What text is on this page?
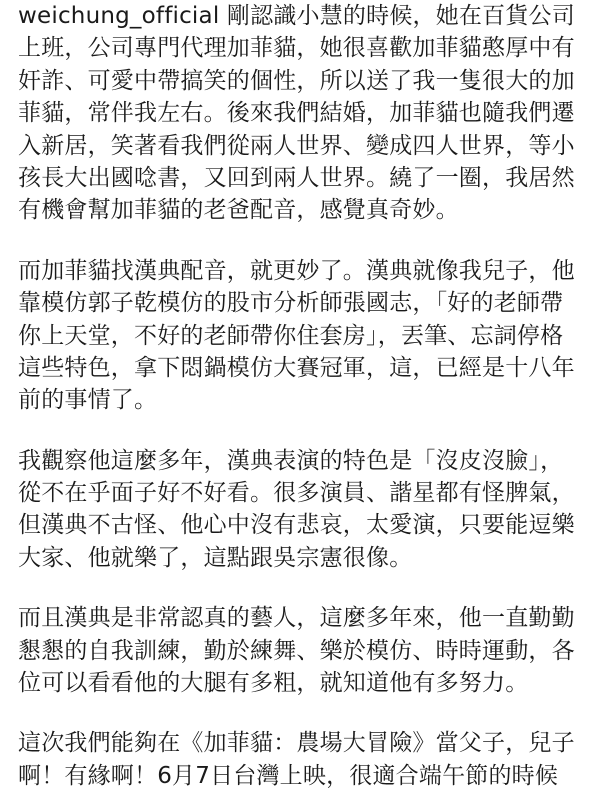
weichung_official 剛認識小慧的時候，她在百貨公司
上班，公司專門代理加菲貓，她很喜歡加菲貓憨厚中有
奸詐、可愛中帶搞笑的個性，所以送了我一隻很大的加
菲貓，常伴我左右。後來我們結婚，加菲貓也隨我們遷
入新居，笑著看我們從兩人世界、變成四人世界，等小
孩長大出國唸書，又回到兩人世界。繞了一圈，我居然
有機會幫加菲貓的老爸配音，感覺真奇妙。

而加菲貓找漢典配音，就更妙了。漢典就像我兒子，他
靠模仿郭子乾模仿的股市分析師張國志，「好的老師帶
你上天堂，不好的老師帶你住套房」，丟筆、忘詞停格
這些特色，拿下悶鍋模仿大賽冠軍，這，已經是十八年
前的事情了。

我觀察他這麼多年，漢典表演的特色是「沒皮沒臉」，
從不在乎面子好不好看。很多演員、諧星都有怪脾氣，
但漢典不古怪、他心中沒有悲哀，太愛演，只要能逗樂
大家、他就樂了，這點跟吳宗憲很像。

而且漢典是非常認真的藝人，這麼多年來，他一直勤勤
懇懇的自我訓練，勤於練舞、樂於模仿、時時運動，各
位可以看看他的大腿有多粗，就知道他有多努力。

這次我們能夠在《加菲貓：農場大冒險》當父子，兒子
啊！有緣啊！6月7日台灣上映，很適合端午節的時候
